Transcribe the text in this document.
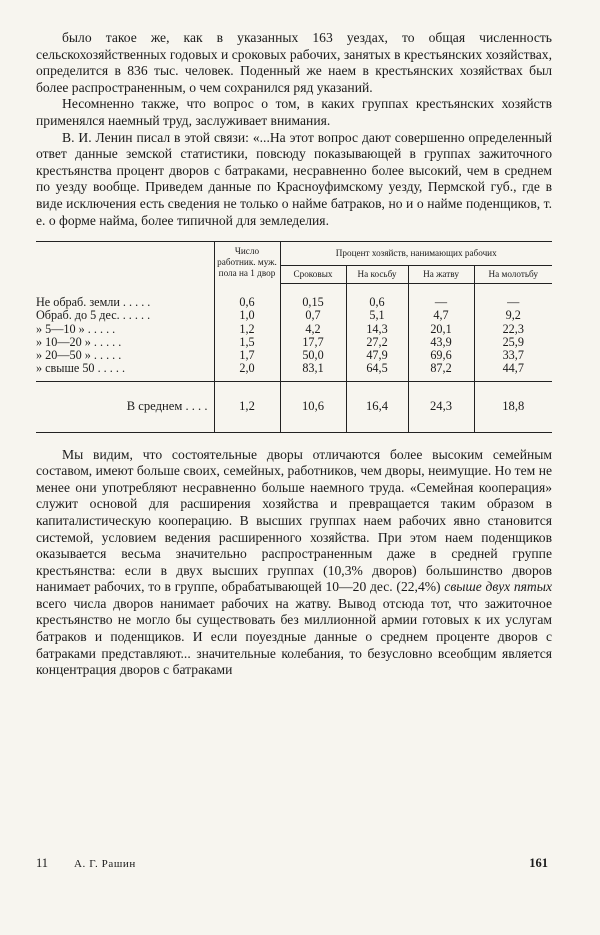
было такое же, как в указанных 163 уездах, то общая численность сельскохозяйственных годовых и сроковых рабочих, занятых в крестьянских хозяйствах, определится в 836 тыс. человек. Поденный же наем в крестьянских хозяйствах был более распространенным, о чем сохранился ряд указаний.

Несомненно также, что вопрос о том, в каких группах крестьянских хозяйств применялся наемный труд, заслуживает внимания.

В. И. Ленин писал в этой связи: «...На этот вопрос дают совершенно определенный ответ данные земской статистики, повсюду показывающей в группах зажиточного крестьянства процент дворов с батраками, несравненно более высокий, чем в среднем по уезду вообще. Приведем данные по Красноуфимскому уезду, Пермской губ., где в виде исключения есть сведения не только о найме батраков, но и о найме поденщиков, т. е. о форме найма, более типичной для земледелия.

	Число работник. муж. пола на 1 двор	Процент хозяйств, нанимающих рабочих			
		Сроковых	На косьбу	На жатву	На молотьбу
Не обраб. земли . . . . .	0,6	0,15	0,6	—	—
Обраб. до 5 дес. . . . . .	1,0	0,7	5,1	4,7	9,2
» 5—10 » . . . . .	1,2	4,2	14,3	20,1	22,3
» 10—20 » . . . . .	1,5	17,7	27,2	43,9	25,9
» 20—50 » . . . . .	1,7	50,0	47,9	69,6	33,7
» свыше 50 . . . . .	2,0	83,1	64,5	87,2	44,7
В среднем . . . .	1,2	10,6	16,4	24,3	18,8

Мы видим, что состоятельные дворы отличаются более высоким семейным составом, имеют больше своих, семейных, работников, чем дворы, неимущие. Но тем не менее они употребляют несравненно больше наемного труда. «Семейная кооперация» служит основой для расширения хозяйства и превращается таким образом в капиталистическую кооперацию. В высших группах наем рабочих явно становится системой, условием ведения расширенного хозяйства. При этом наем поденщиков оказывается весьма значительно распространенным даже в средней группе крестьянства: если в двух высших группах (10,3% дворов) большинство дворов нанимает рабочих, то в группе, обрабатывающей 10—20 дес. (22,4%) свыше двух пятых всего числа дворов нанимает рабочих на жатву. Вывод отсюда тот, что зажиточное крестьянство не могло бы существовать без миллионной армии готовых к их услугам батраков и поденщиков. И если поуездные данные о среднем проценте дворов с батраками представляют... значительные колебания, то безусловно всеобщим является концентрация дворов с батраками

11	А. Г. Рашин	161
